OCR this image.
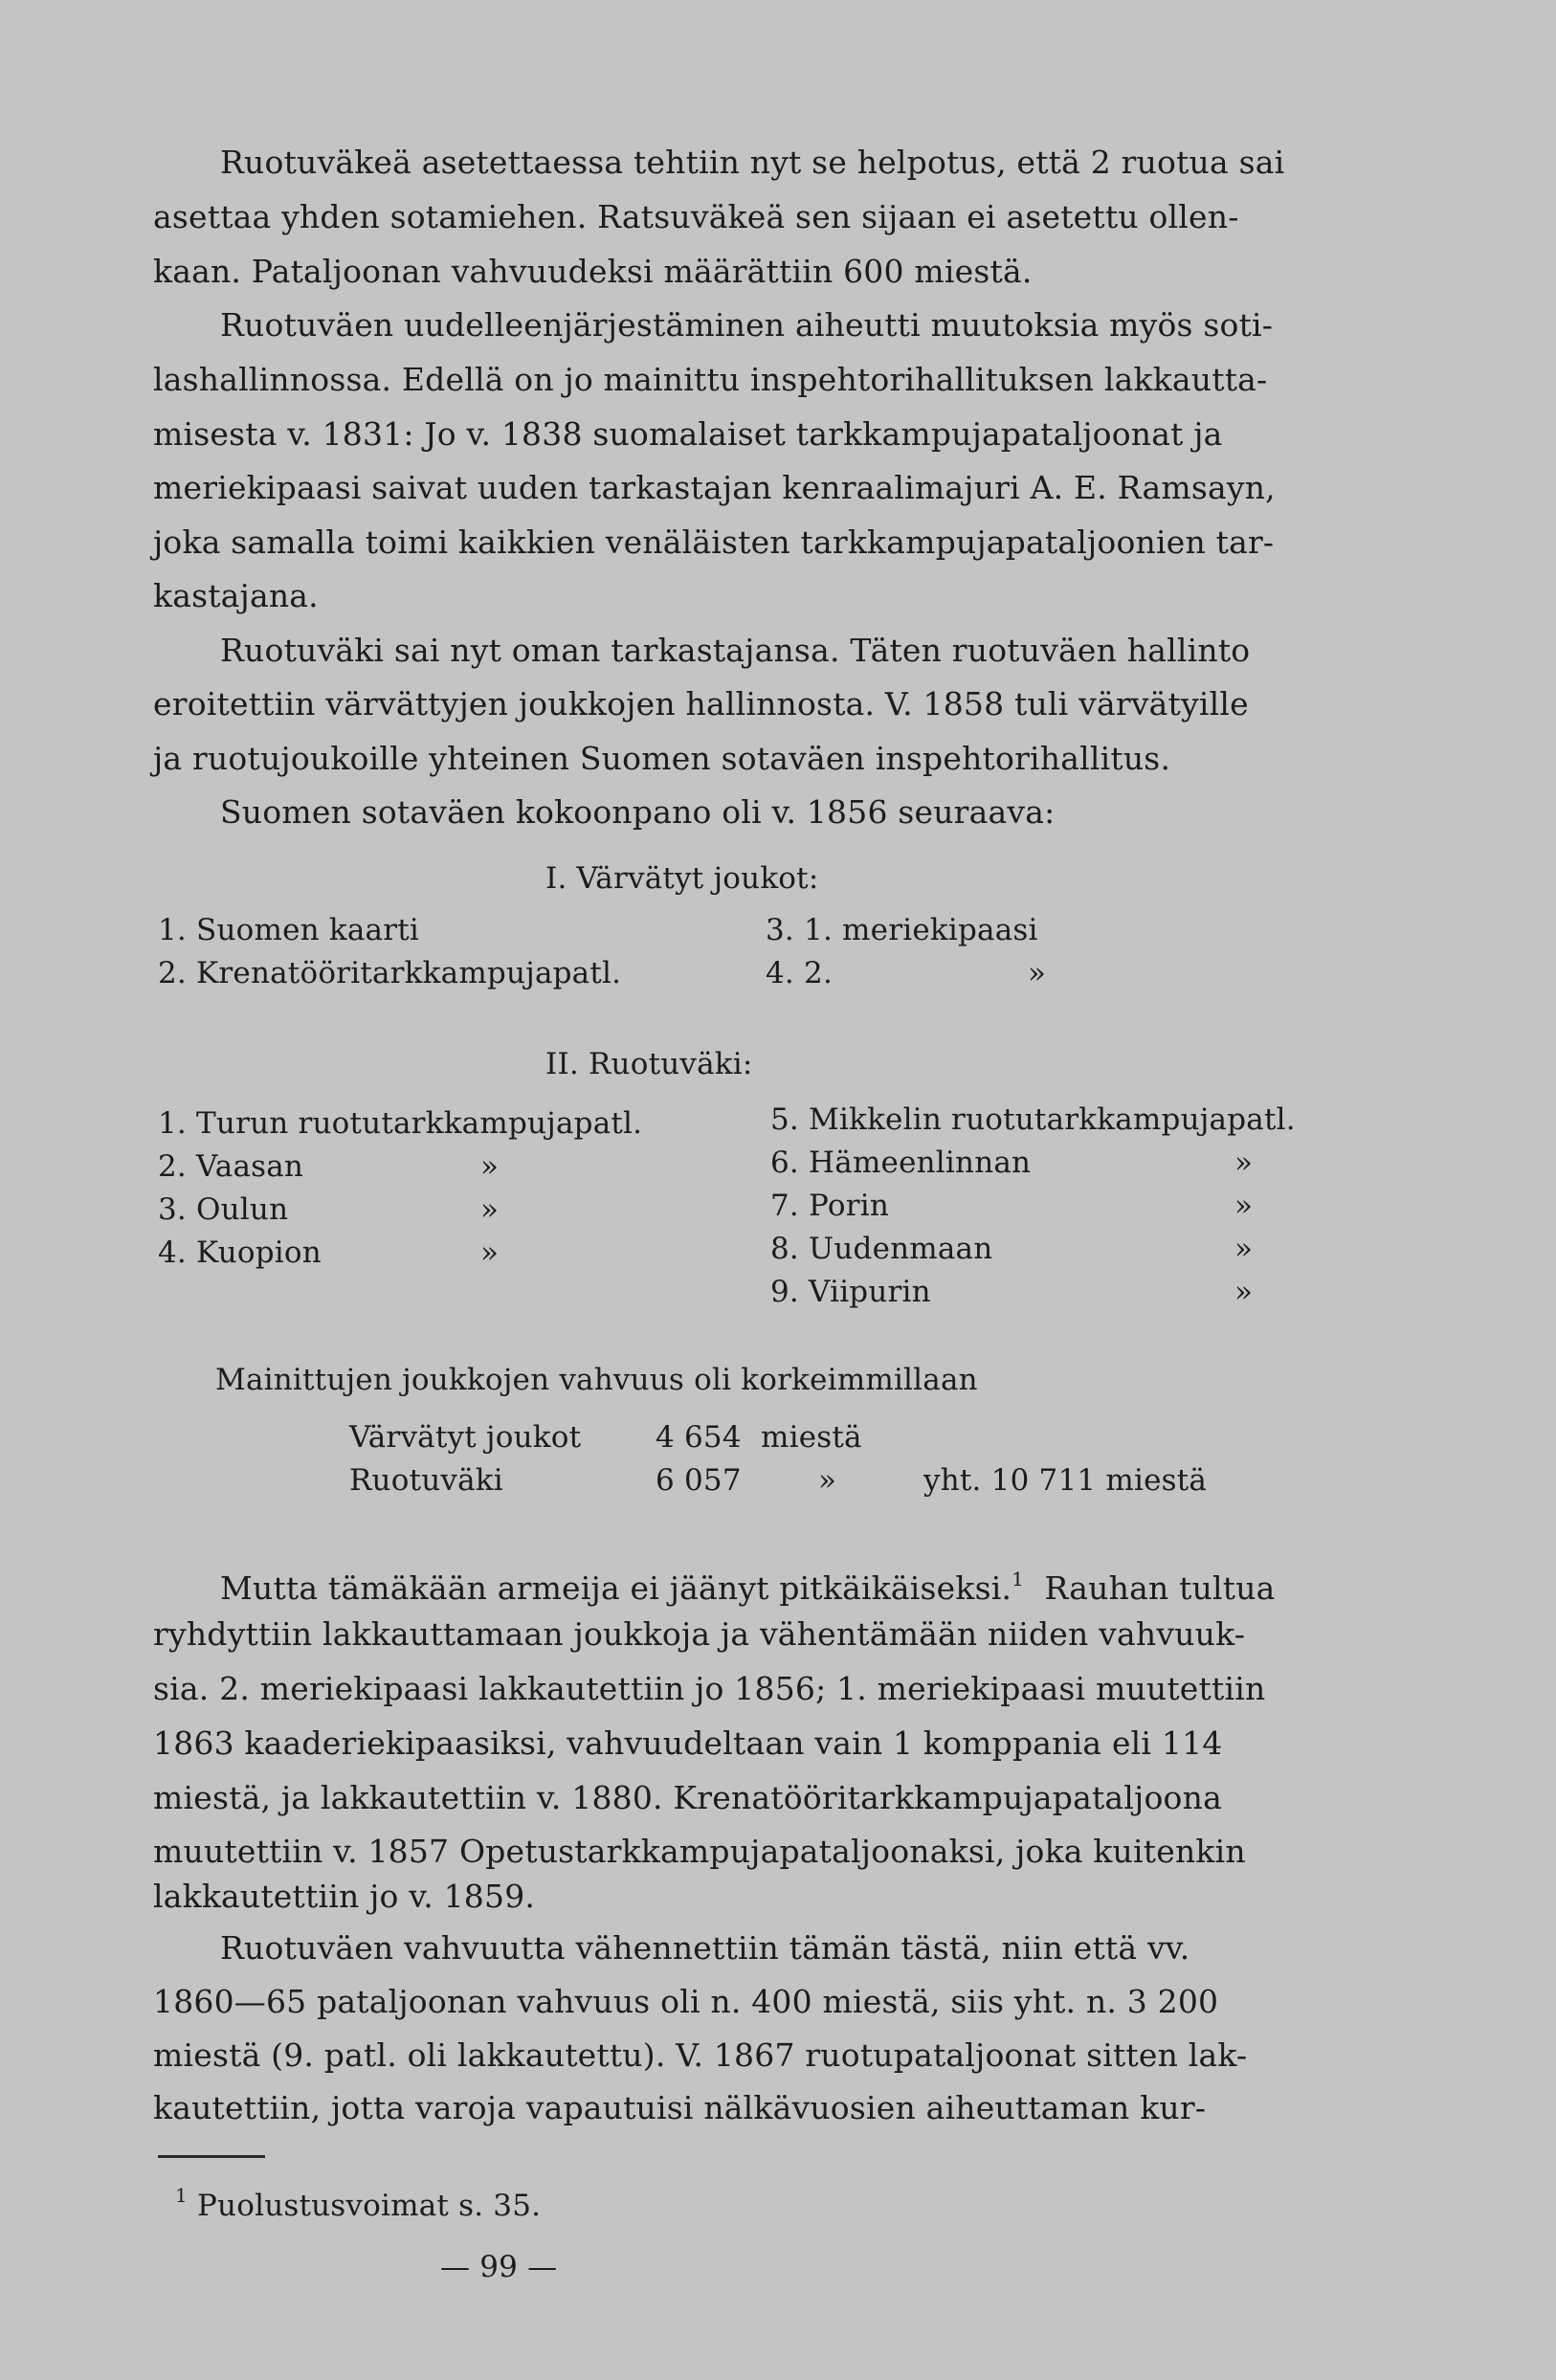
Ruotuväkeä asetettaessa tehtiin nyt se helpotus, että 2 ruotua sai
asettaa yhden sotamiehen. Ratsuväkeä sen sijaan ei asetettu ollen-
kaan. Pataljoonan vahvuudeksi määrättiin 600 miestä.
Ruotuväen uudelleenjärjestäminen aiheutti muutoksia myös soti-
lashallinnossa. Edellä on jo mainittu inspehtorihallituksen lakkautta-
misesta v. 1831: Jo v. 1838 suomalaiset tarkkampujapataljoonat ja
meriekipaasi saivat uuden tarkastajan kenraalimajuri A. E. Ramsayn,
joka samalla toimi kaikkien venäläisten tarkkampujapataljoonien tar-
kastajana.
Ruotuväki sai nyt oman tarkastajansa. Täten ruotuväen hallinto
eroitettiin värvättyjen joukkojen hallinnosta. V. 1858 tuli värvätyille
ja ruotujoukoille yhteinen Suomen sotaväen inspehtorihallitus.
Suomen sotaväen kokoonpano oli v. 1856 seuraava:
I. Värvätyt joukot:
1. Suomen kaarti
2. Krenatööritarkkampujapatl.
3. 1. meriekipaasi
4. 2.	»
II. Ruotuväki:
1. Turun ruotutarkkampujapatl.
2. Vaasan	»
3. Oulun	»
4. Kuopion	»
5. Mikkelin ruotutarkkampujapatl.
6. Hämeenlinnan	»
7. Porin	»
8. Uudenmaan	»
9. Viipurin	»
Mainittujen joukkojen vahvuus oli korkeimmillaan
Värvätyt joukot	4 654 miestä
Ruotuväki	6 057	»	yht. 10 711 miestä
Mutta tämäkään armeija ei jäänyt pitkäikäiseksi.$^1$ Rauhan tultua
ryhdyttiin lakkauttamaan joukkoja ja vähentämään niiden vahvuuk-
sia. 2. meriekipaasi lakkautettiin jo 1856; 1. meriekipaasi muutettiin
1863 kaaderiekipaasiksi, vahvuudeltaan vain 1 komppania eli 114
miestä, ja lakkautettiin v. 1880. Krenatööritarkkampujapataljoona
muutettiin v. 1857 Opetustarkkampujapataljoonaksi, joka kuitenkin
lakkautettiin jo v. 1859.
Ruotuväen vahvuutta vähennettiin tämän tästä, niin että vv.
1860—65 pataljoonan vahvuus oli n. 400 miestä, siis yht. n. 3 200
miestä (9. patl. oli lakkautettu). V. 1867 ruotupataljoonat sitten lak-
kautettiin, jotta varoja vapautuisi nälkävuosien aiheuttaman kur-
$^1$ Puolustusvoimat s. 35.
— 99 —
